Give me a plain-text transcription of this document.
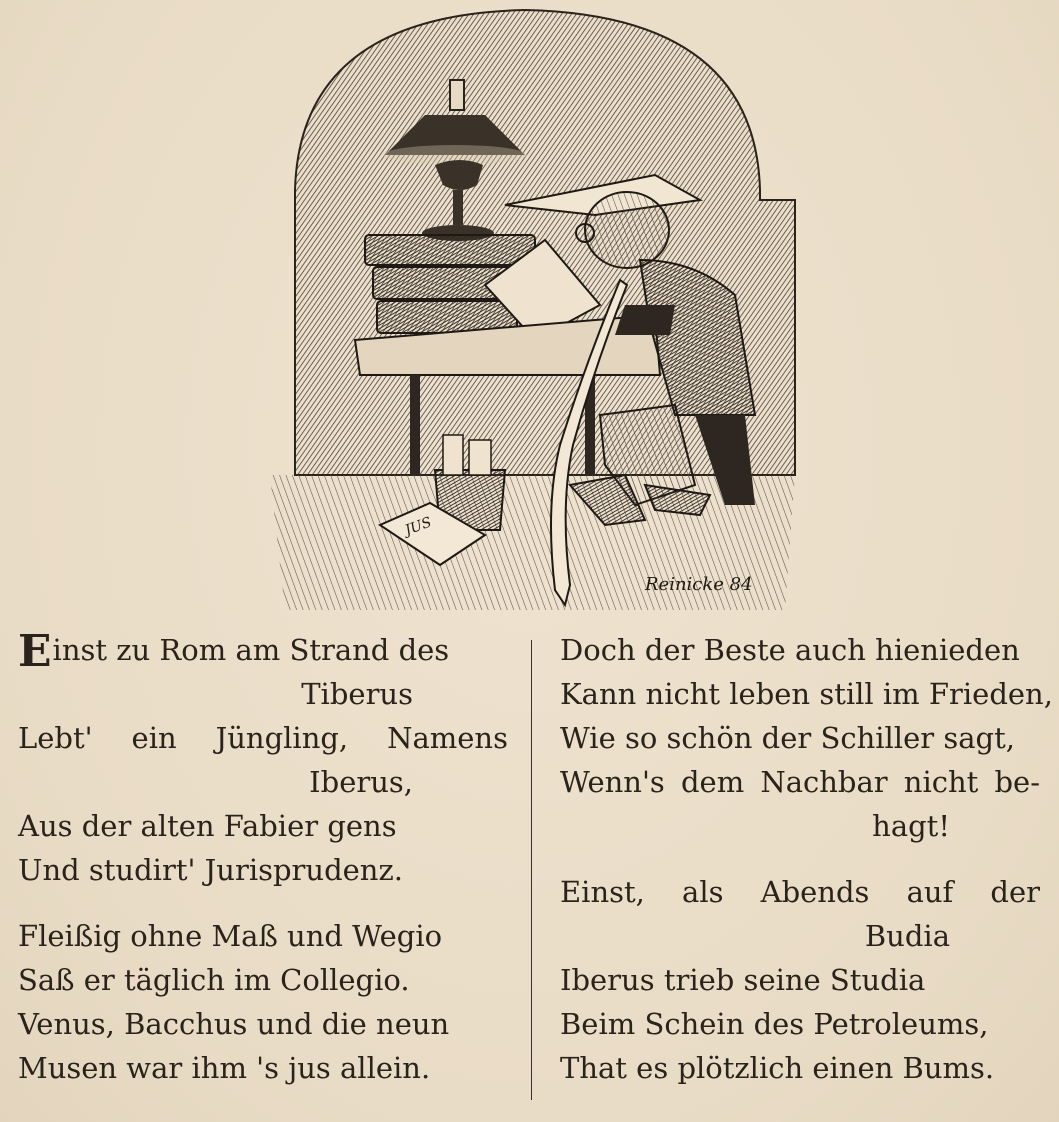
JUS
Reinicke 84
Einst zu Rom am Strand des
Tiberus
Lebt' ein Jüngling, Namens
Iberus,
Aus der alten Fabier gens
Und studirt' Jurisprudenz.
Fleißig ohne Maß und Wegio
Saß er täglich im Collegio.
Venus, Bacchus und die neun
Musen war ihm 's jus allein.
Doch der Beste auch hienieden
Kann nicht leben still im Frieden,
Wie so schön der Schiller sagt,
Wenn's dem Nachbar nicht be-
hagt!
Einst, als Abends auf der
Budia
Iberus trieb seine Studia
Beim Schein des Petroleums,
That es plötzlich einen Bums.
